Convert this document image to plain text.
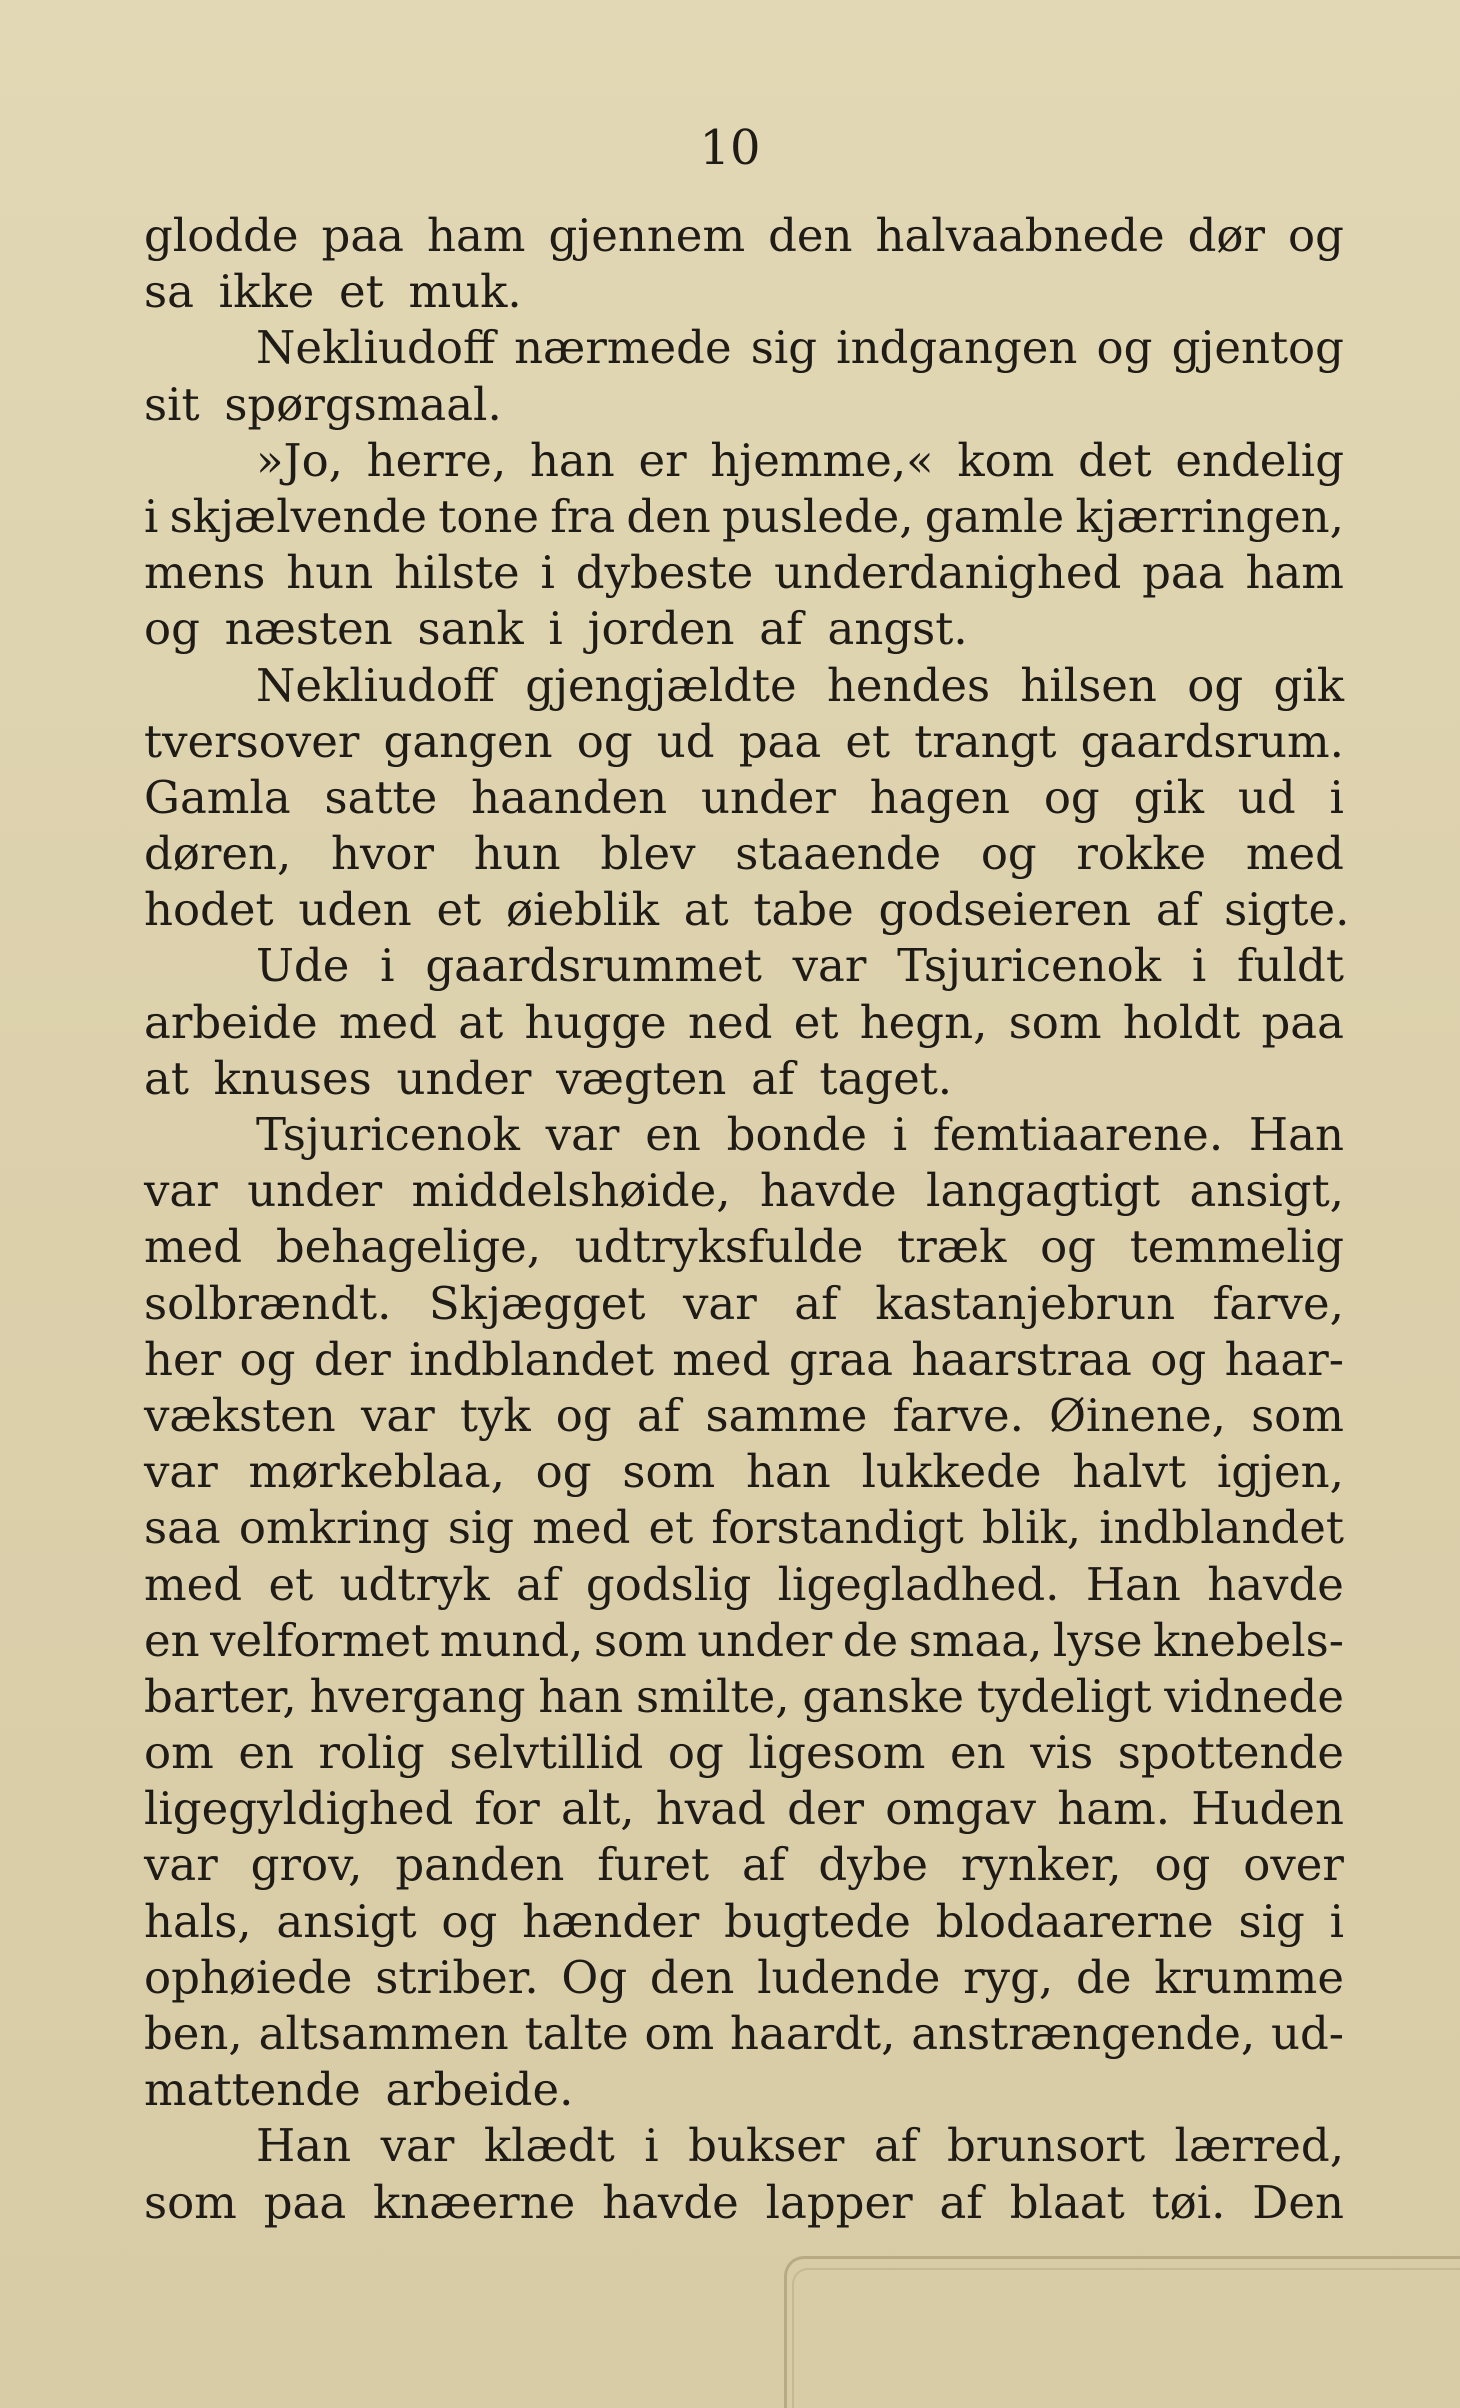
10

glodde paa ham gjennem den halvaabnede dør og
sa ikke et muk.
Nekliudoff nærmede sig indgangen og gjentog
sit spørgsmaal.
»Jo, herre, han er hjemme,« kom det endelig
i skjælvende tone fra den puslede, gamle kjærringen,
mens hun hilste i dybeste underdanighed paa ham
og næsten sank i jorden af angst.
Nekliudoff gjengjældte hendes hilsen og gik
tversover gangen og ud paa et trangt gaardsrum.
Gamla satte haanden under hagen og gik ud i
døren, hvor hun blev staaende og rokke med
hodet uden et øieblik at tabe godseieren af sigte.
Ude i gaardsrummet var Tsjuricenok i fuldt
arbeide med at hugge ned et hegn, som holdt paa
at knuses under vægten af taget.
Tsjuricenok var en bonde i femtiaarene. Han
var under middelshøide, havde langagtigt ansigt,
med behagelige, udtryksfulde træk og temmelig
solbrændt. Skjægget var af kastanjebrun farve,
her og der indblandet med graa haarstraa og haar-
væksten var tyk og af samme farve. Øinene, som
var mørkeblaa, og som han lukkede halvt igjen,
saa omkring sig med et forstandigt blik, indblandet
med et udtryk af godslig ligegladhed. Han havde
en velformet mund, som under de smaa, lyse knebels-
barter, hvergang han smilte, ganske tydeligt vidnede
om en rolig selvtillid og ligesom en vis spottende
ligegyldighed for alt, hvad der omgav ham. Huden
var grov, panden furet af dybe rynker, og over
hals, ansigt og hænder bugtede blodaarerne sig i
ophøiede striber. Og den ludende ryg, de krumme
ben, altsammen talte om haardt, anstrængende, ud-
mattende arbeide.
Han var klædt i bukser af brunsort lærred,
som paa knæerne havde lapper af blaat tøi. Den
